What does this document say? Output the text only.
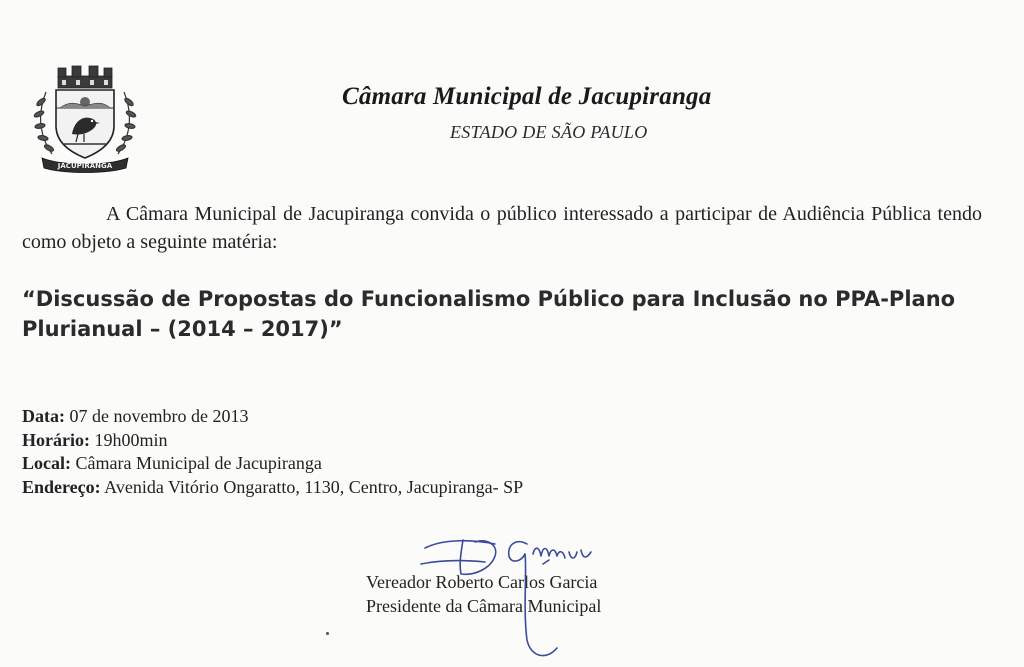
JACUPIRANGA
Câmara Municipal de Jacupiranga
ESTADO DE SÃO PAULO
A Câmara Municipal de Jacupiranga convida o público interessado a participar de Audiência Pública tendo como objeto a seguinte matéria:
“Discussão de Propostas do Funcionalismo Público para Inclusão no PPA-Plano Plurianual – (2014 – 2017)”
Data: 07 de novembro de 2013
Horário: 19h00min
Local: Câmara Municipal de Jacupiranga
Endereço: Avenida Vitório Ongaratto, 1130, Centro, Jacupiranga- SP
Vereador Roberto Carlos Garcia
Presidente da Câmara Municipal
